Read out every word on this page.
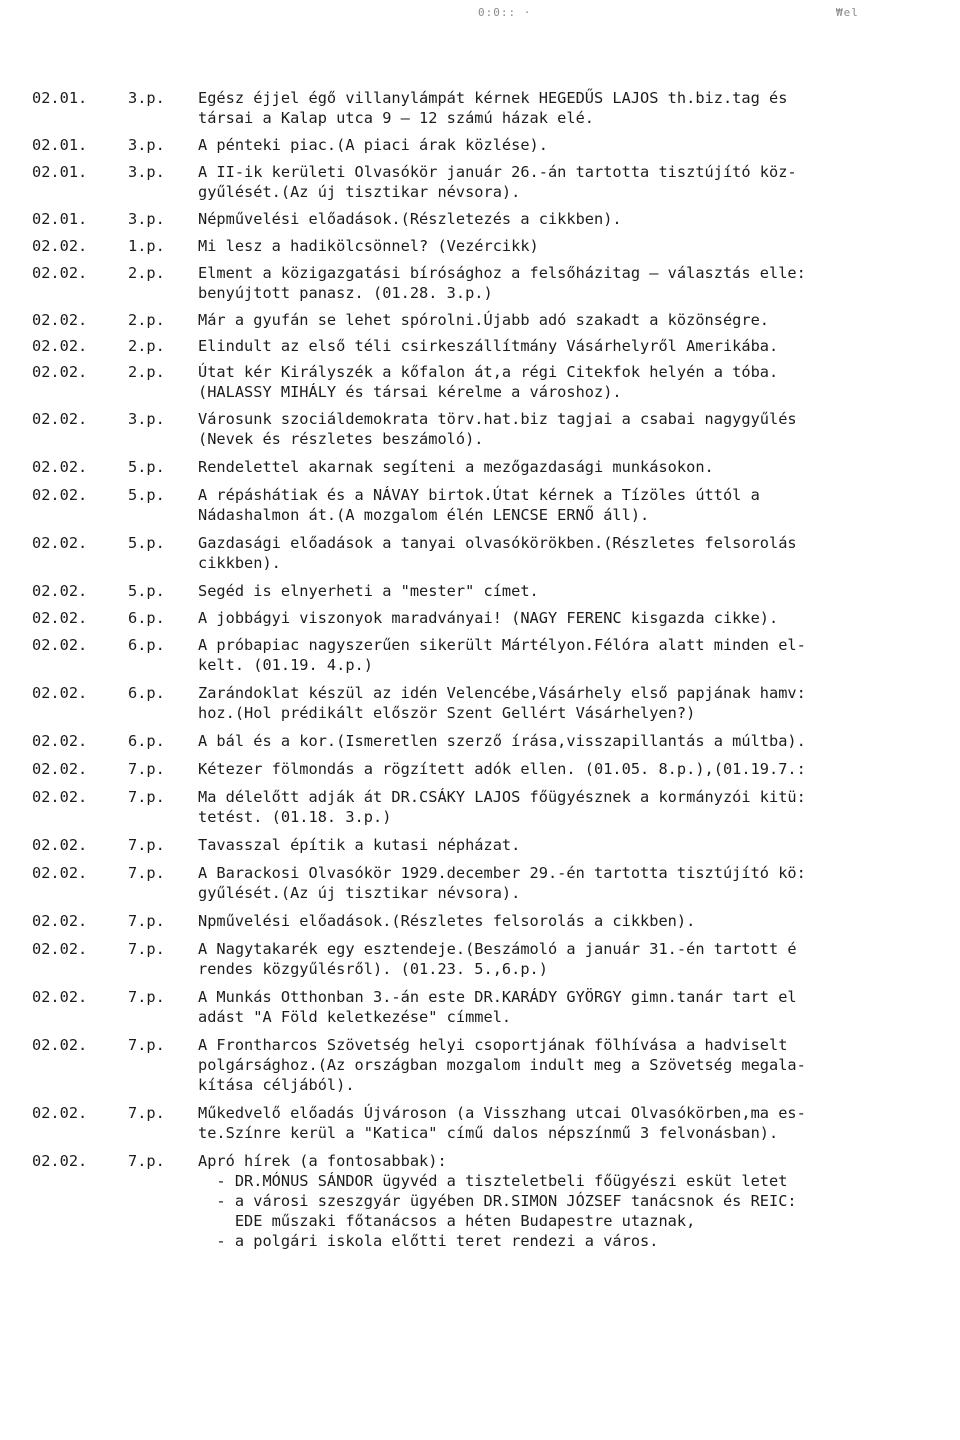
0:0:: ·	₩el
02.01.	3.p.	Egész éjjel égő villanylámpát kérnek HEGEDŰS LAJOS th.biz.tag és
társai a Kalap utca 9 — 12 számú házak elé.
02.01.	3.p.	A pénteki piac.(A piaci árak közlése).
02.01.	3.p.	A II-ik kerületi Olvasókör január 26.-án tartotta tisztújító köz-
gyűlését.(Az új tisztikar névsora).
02.01.	3.p.	Népművelési előadások.(Részletezés a cikkben).
02.02.	1.p.	Mi lesz a hadikölcsönnel? (Vezércikk)
02.02.	2.p.	Elment a közigazgatási bírósághoz a felsőházitag — választás elle:
benyújtott panasz. (01.28. 3.p.)
02.02.	2.p.	Már a gyufán se lehet spórolni.Újabb adó szakadt a közönségre.
02.02.	2.p.	Elindult az első téli csirkeszállítmány Vásárhelyről Amerikába.
02.02.	2.p.	Útat kér Királyszék a kőfalon át,a régi Citekfok helyén a tóba.
(HALASSY MIHÁLY és társai kérelme a városhoz).
02.02.	3.p.	Városunk szociáldemokrata törv.hat.biz tagjai a csabai nagygyűlés
(Nevek és részletes beszámoló).
02.02.	5.p.	Rendelettel akarnak segíteni a mezőgazdasági munkásokon.
02.02.	5.p.	A répáshátiak és a NÁVAY birtok.Útat kérnek a Tízöles úttól a
Nádashalmon át.(A mozgalom élén LENCSE ERNŐ áll).
02.02.	5.p.	Gazdasági előadások a tanyai olvasókörökben.(Részletes felsorolás
cikkben).
02.02.	5.p.	Segéd is elnyerheti a "mester" címet.
02.02.	6.p.	A jobbágyi viszonyok maradványai! (NAGY FERENC kisgazda cikke).
02.02.	6.p.	A próbapiac nagyszerűen sikerült Mártélyon.Félóra alatt minden el-
kelt. (01.19. 4.p.)
02.02.	6.p.	Zarándoklat készül az idén Velencébe,Vásárhely első papjának hamv:
hoz.(Hol prédikált először Szent Gellért Vásárhelyen?)
02.02.	6.p.	A bál és a kor.(Ismeretlen szerző írása,visszapillantás a múltba).
02.02.	7.p.	Kétezer fölmondás a rögzített adók ellen. (01.05. 8.p.),(01.19.7.:
02.02.	7.p.	Ma délelőtt adják át DR.CSÁKY LAJOS főügyésznek a kormányzói kitü:
tetést. (01.18. 3.p.)
02.02.	7.p.	Tavasszal építik a kutasi népházat.
02.02.	7.p.	A Barackosi Olvasókör 1929.december 29.-én tartotta tisztújító kö:
gyűlését.(Az új tisztikar névsora).
02.02.	7.p.	Npművelési előadások.(Részletes felsorolás a cikkben).
02.02.	7.p.	A Nagytakarék egy esztendeje.(Beszámoló a január 31.-én tartott é
rendes közgyűlésről). (01.23. 5.,6.p.)
02.02.	7.p.	A Munkás Otthonban 3.-án este DR.KARÁDY GYÖRGY gimn.tanár tart el
adást "A Föld keletkezése" címmel.
02.02.	7.p.	A Frontharcos Szövetség helyi csoportjának fölhívása a hadviselt
polgársághoz.(Az országban mozgalom indult meg a Szövetség megala-
kítása céljából).
02.02.	7.p.	Műkedvelő előadás Újvároson (a Visszhang utcai Olvasókörben,ma es-
te.Színre kerül a "Katica" című dalos népszínmű 3 felvonásban).
02.02.	7.p.	Apró hírek (a fontosabbak):
- DR.MÓNUS SÁNDOR ügyvéd a tiszteletbeli főügyészi esküt letet
- a városi szeszgyár ügyében DR.SIMON JÓZSEF tanácsnok és REIC:
EDE műszaki főtanácsos a héten Budapestre utaznak,
- a polgári iskola előtti teret rendezi a város.
